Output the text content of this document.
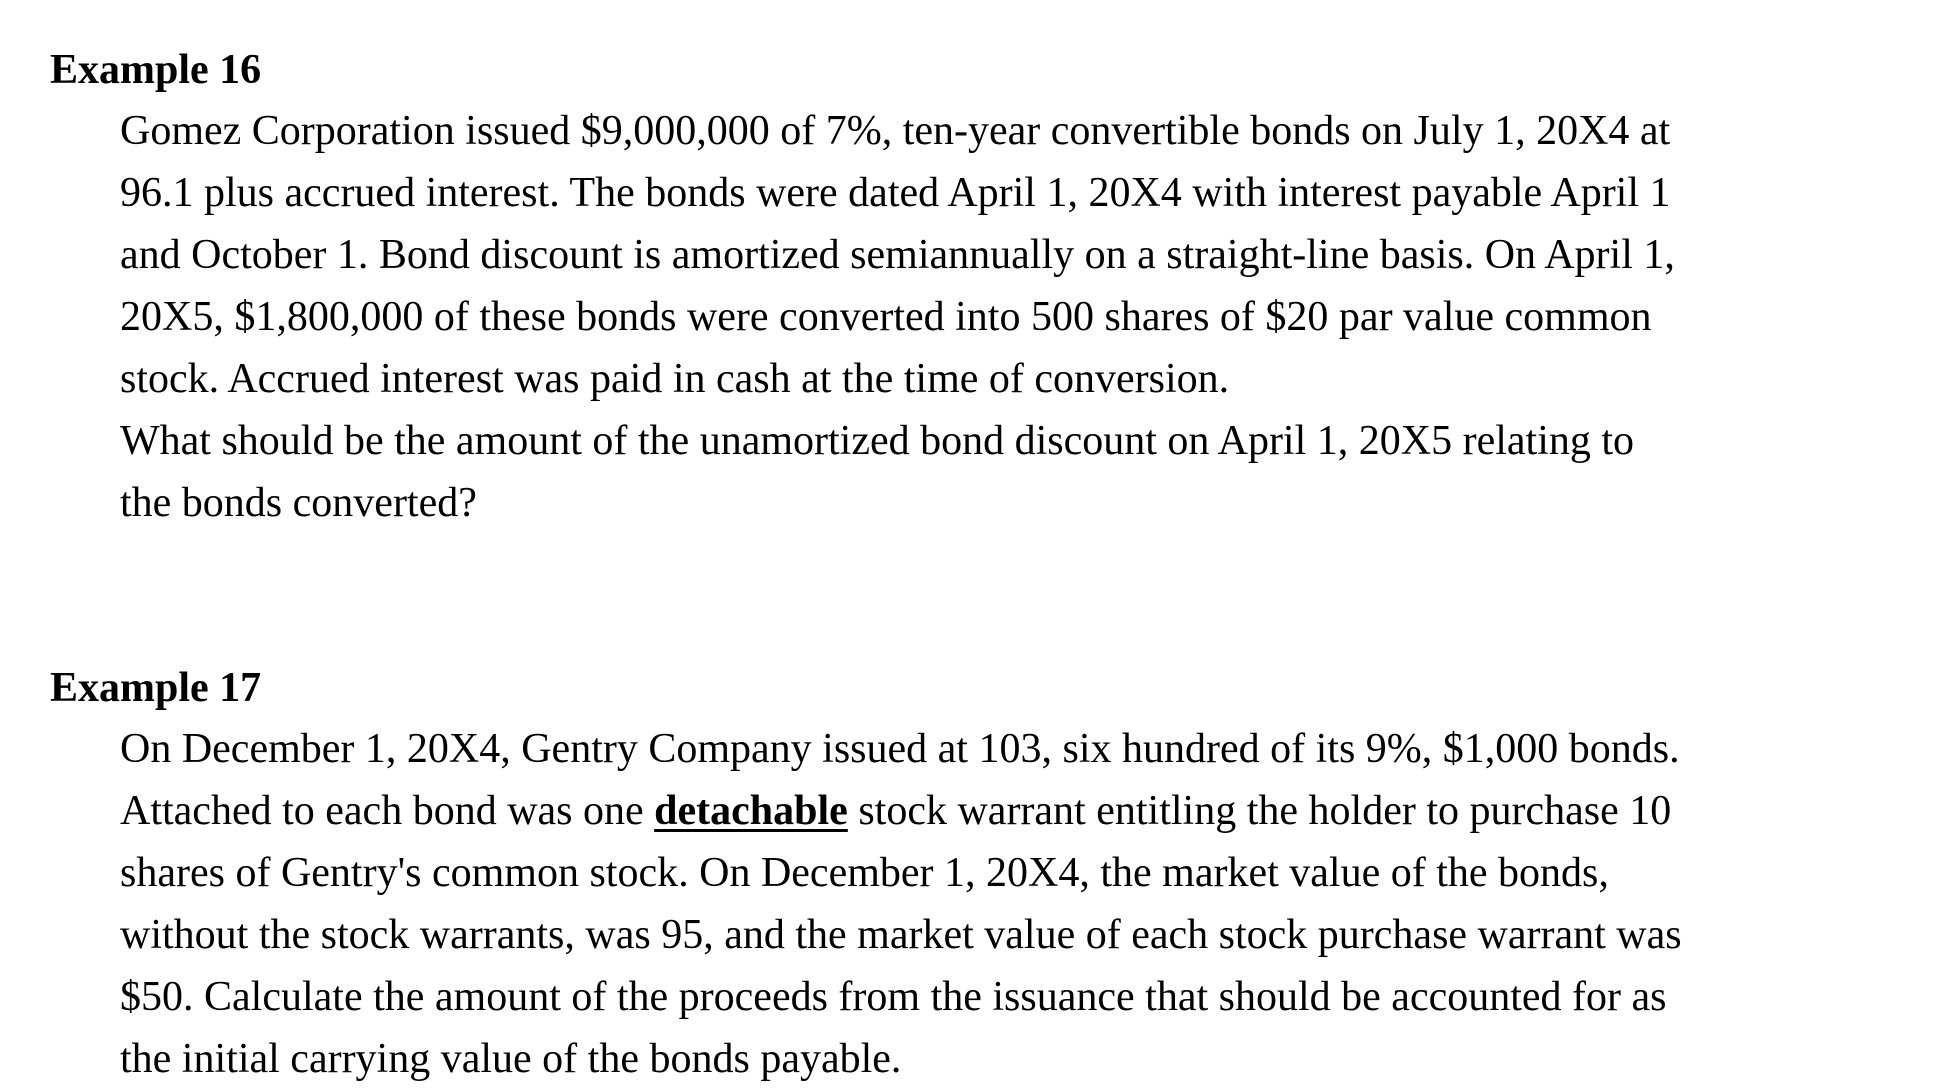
Example 16

Gomez Corporation issued $9,000,000 of 7%, ten-year convertible bonds on July 1, 20X4 at
96.1 plus accrued interest. The bonds were dated April 1, 20X4 with interest payable April 1
and October 1. Bond discount is amortized semiannually on a straight-line basis. On April 1,
20X5, $1,800,000 of these bonds were converted into 500 shares of $20 par value common
stock. Accrued interest was paid in cash at the time of conversion.
What should be the amount of the unamortized bond discount on April 1, 20X5 relating to
the bonds converted?

Example 17

On December 1, 20X4, Gentry Company issued at 103, six hundred of its 9%, $1,000 bonds.
Attached to each bond was one detachable stock warrant entitling the holder to purchase 10
shares of Gentry's common stock. On December 1, 20X4, the market value of the bonds,
without the stock warrants, was 95, and the market value of each stock purchase warrant was
$50. Calculate the amount of the proceeds from the issuance that should be accounted for as
the initial carrying value of the bonds payable.
